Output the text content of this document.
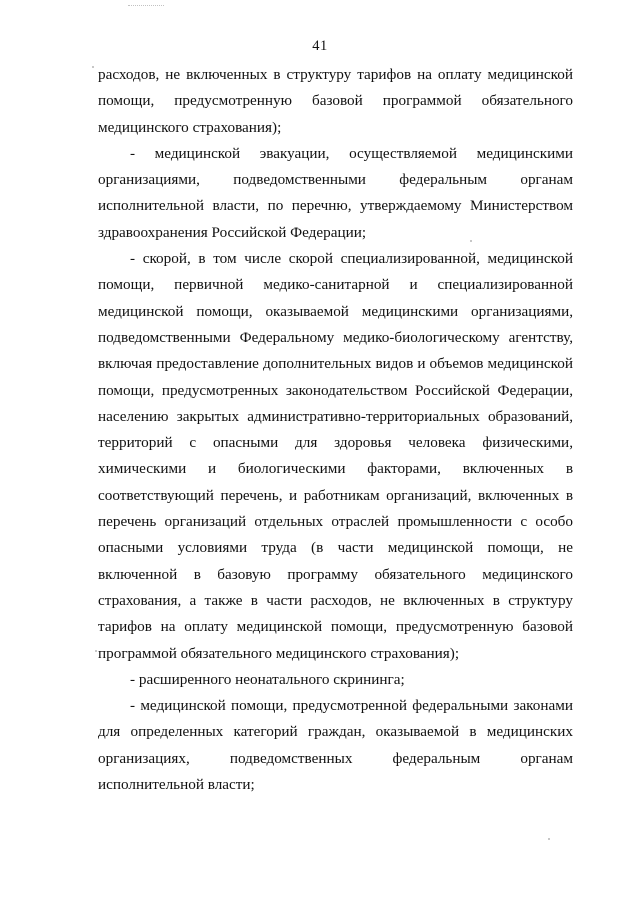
41

расходов, не включенных в структуру тарифов на оплату медицинской помощи, предусмотренную базовой программой обязательного медицинского страхования);

- медицинской эвакуации, осуществляемой медицинскими организациями, подведомственными федеральным органам исполнительной власти, по перечню, утверждаемому Министерством здравоохранения Российской Федерации;

- скорой, в том числе скорой специализированной, медицинской помощи, первичной медико-санитарной и специализированной медицинской помощи, оказываемой медицинскими организациями, подведомственными Федеральному медико-биологическому агентству, включая предоставление дополнительных видов и объемов медицинской помощи, предусмотренных законодательством Российской Федерации, населению закрытых административно-территориальных образований, территорий с опасными для здоровья человека физическими, химическими и биологическими факторами, включенных в соответствующий перечень, и работникам организаций, включенных в перечень организаций отдельных отраслей промышленности с особо опасными условиями труда (в части медицинской помощи, не включенной в базовую программу обязательного медицинского страхования, а также в части расходов, не включенных в структуру тарифов на оплату медицинской помощи, предусмотренную базовой программой обязательного медицинского страхования);

- расширенного неонатального скрининга;

- медицинской помощи, предусмотренной федеральными законами для определенных категорий граждан, оказываемой в медицинских организациях, подведомственных федеральным органам исполнительной власти;
